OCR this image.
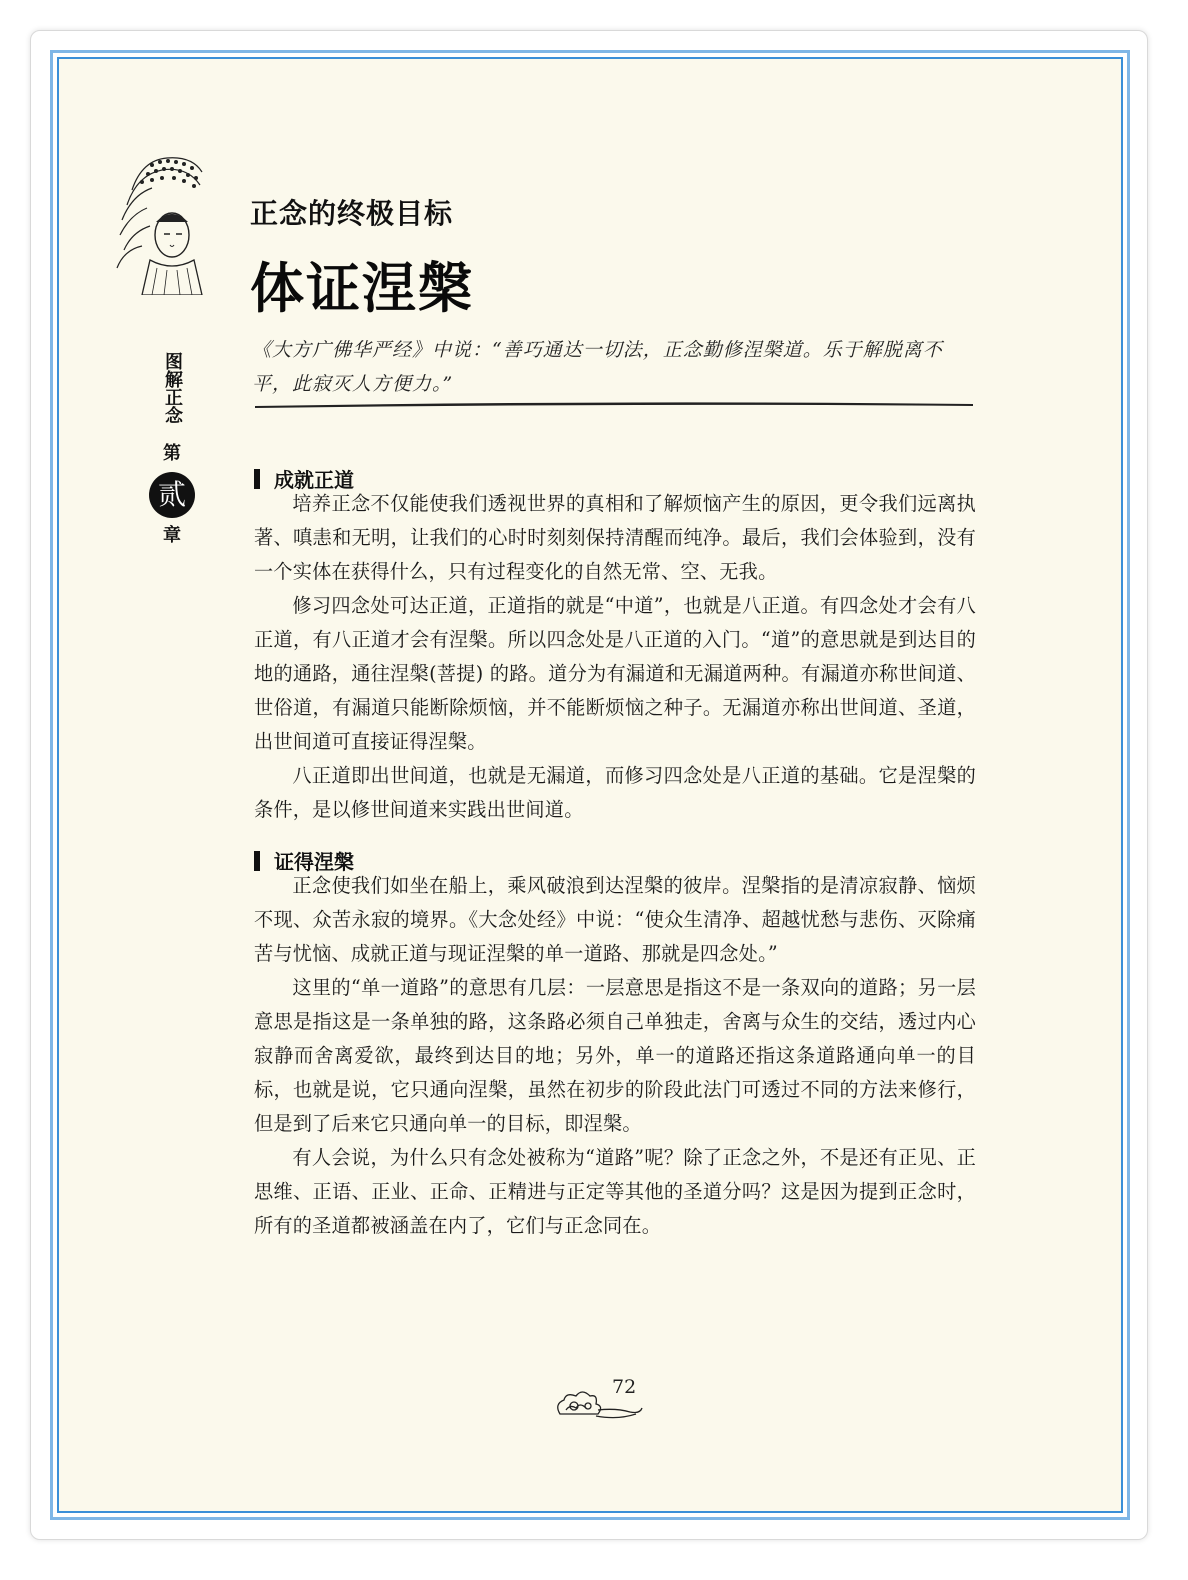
正念的终极目标
体证涅槃
图解正念
第
贰
章
《大方广佛华严经》中说：“善巧通达一切法，正念勤修涅槃道。乐于解脱离不平，此寂灭人方便力。”
成就正道

培养正念不仅能使我们透视世界的真相和了解烦恼产生的原因，更令我们远离执著、嗔恚和无明，让我们的心时时刻刻保持清醒而纯净。最后，我们会体验到，没有一个实体在获得什么，只有过程变化的自然无常、空、无我。

修习四念处可达正道，正道指的就是“中道”，也就是八正道。有四念处才会有八正道，有八正道才会有涅槃。所以四念处是八正道的入门。“道”的意思就是到达目的地的通路，通往涅槃(菩提) 的路。道分为有漏道和无漏道两种。有漏道亦称世间道、世俗道，有漏道只能断除烦恼，并不能断烦恼之种子。无漏道亦称出世间道、圣道，出世间道可直接证得涅槃。

八正道即出世间道，也就是无漏道，而修习四念处是八正道的基础。它是涅槃的条件，是以修世间道来实践出世间道。

证得涅槃

正念使我们如坐在船上，乘风破浪到达涅槃的彼岸。涅槃指的是清凉寂静、恼烦不现、众苦永寂的境界。《大念处经》中说：“使众生清净、超越忧愁与悲伤、灭除痛苦与忧恼、成就正道与现证涅槃的单一道路、那就是四念处。”

这里的“单一道路”的意思有几层：一层意思是指这不是一条双向的道路；另一层意思是指这是一条单独的路，这条路必须自己单独走，舍离与众生的交结，透过内心寂静而舍离爱欲，最终到达目的地；另外，单一的道路还指这条道路通向单一的目标，也就是说，它只通向涅槃，虽然在初步的阶段此法门可透过不同的方法来修行，但是到了后来它只通向单一的目标，即涅槃。

有人会说，为什么只有念处被称为“道路”呢？除了正念之外，不是还有正见、正思维、正语、正业、正命、正精进与正定等其他的圣道分吗？这是因为提到正念时，所有的圣道都被涵盖在内了，它们与正念同在。

72
